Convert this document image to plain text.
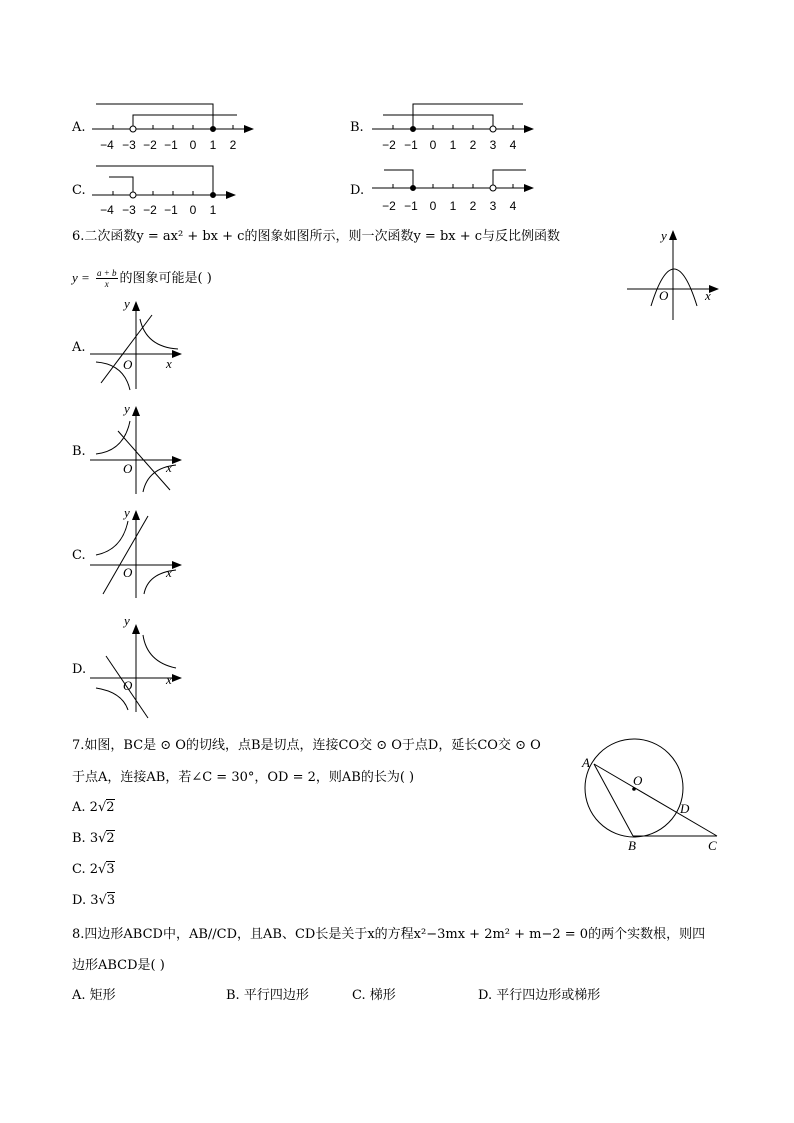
A.	B.
C.	D.
−4 −3 −2 −1 0 1 2	−2 −1 0 1 2 3 4
−4 −3 −2 −1 0 1	−2 −1 0 1 2 3 4
6.二次函数y = ax² + bx + c的图象如图所示，则一次函数y = bx + c与反比例函数
$y = \frac{a + b}{x}$ 的图象可能是( )
A.
B.
C.
D.
y
x
O
y
x
O
y
x
O
y
x
O
y
x
O
7.如图，BC是 ⊙ O的切线，点B是切点，连接CO交 ⊙ O于点D，延长CO交 ⊙ O
于点A，连接AB，若∠C = 30°，OD = 2，则AB的长为( )
A. 2√2
B. 3√2
C. 2√3
D. 3√3
A
O
D
B	C
8.四边形ABCD中，AB//CD，且AB、CD长是关于x的方程x²−3mx + 2m² + m−2 = 0的两个实数根，则四
边形ABCD是( )
A. 矩形	B. 平行四边形	C. 梯形	D. 平行四边形或梯形
